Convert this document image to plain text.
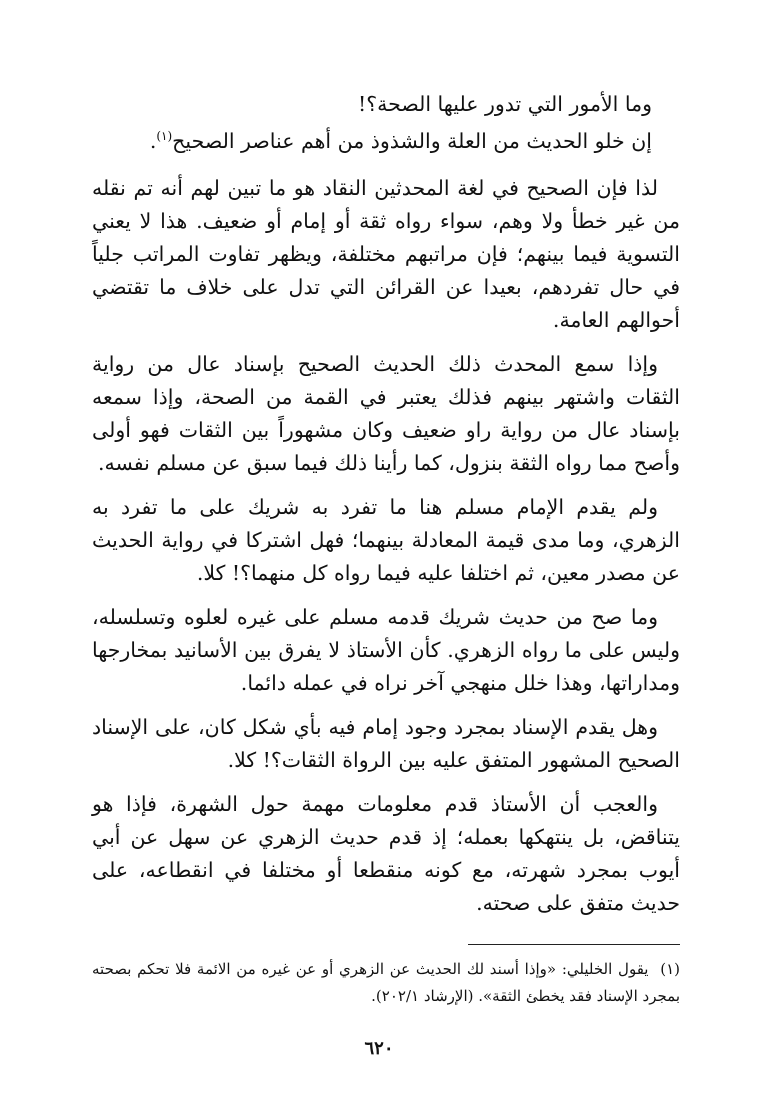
وما الأمور التي تدور عليها الصحة؟!

إن خلو الحديث من العلة والشذوذ من أهم عناصر الصحيح$^{(١)}$.

لذا فإن الصحيح في لغة المحدثين النقاد هو ما تبين لهم أنه تم نقله من غير خطأ ولا وهم، سواء رواه ثقة أو إمام أو ضعيف. هذا لا يعني التسوية فيما بينهم؛ فإن مراتبهم مختلفة، ويظهر تفاوت المراتب جلياً في حال تفردهم، بعيدا عن القرائن التي تدل على خلاف ما تقتضي أحوالهم العامة.

وإذا سمع المحدث ذلك الحديث الصحيح بإسناد عال من رواية الثقات واشتهر بينهم فذلك يعتبر في القمة من الصحة، وإذا سمعه بإسناد عال من رواية راو ضعيف وكان مشهوراً بين الثقات فهو أولى وأصح مما رواه الثقة بنزول، كما رأينا ذلك فيما سبق عن مسلم نفسه.

ولم يقدم الإمام مسلم هنا ما تفرد به شريك على ما تفرد به الزهري، وما مدى قيمة المعادلة بينهما؛ فهل اشتركا في رواية الحديث عن مصدر معين، ثم اختلفا عليه فيما رواه كل منهما؟! كلا.

وما صح من حديث شريك قدمه مسلم على غيره لعلوه وتسلسله، وليس على ما رواه الزهري. كأن الأستاذ لا يفرق بين الأسانيد بمخارجها ومداراتها، وهذا خلل منهجي آخر نراه في عمله دائما.

وهل يقدم الإسناد بمجرد وجود إمام فيه بأي شكل كان، على الإسناد الصحيح المشهور المتفق عليه بين الرواة الثقات؟! كلا.

والعجب أن الأستاذ قدم معلومات مهمة حول الشهرة، فإذا هو يتناقض، بل ينتهكها بعمله؛ إذ قدم حديث الزهري عن سهل عن أبي أيوب بمجرد شهرته، مع كونه منقطعا أو مختلفا في انقطاعه، على حديث متفق على صحته.

(١) يقول الخليلي: «وإذا أسند لك الحديث عن الزهري أو عن غيره من الائمة فلا تحكم بصحته بمجرد الإسناد فقد يخطئ الثقة». (الإرشاد ٢٠٢/١).
٦٢٠
